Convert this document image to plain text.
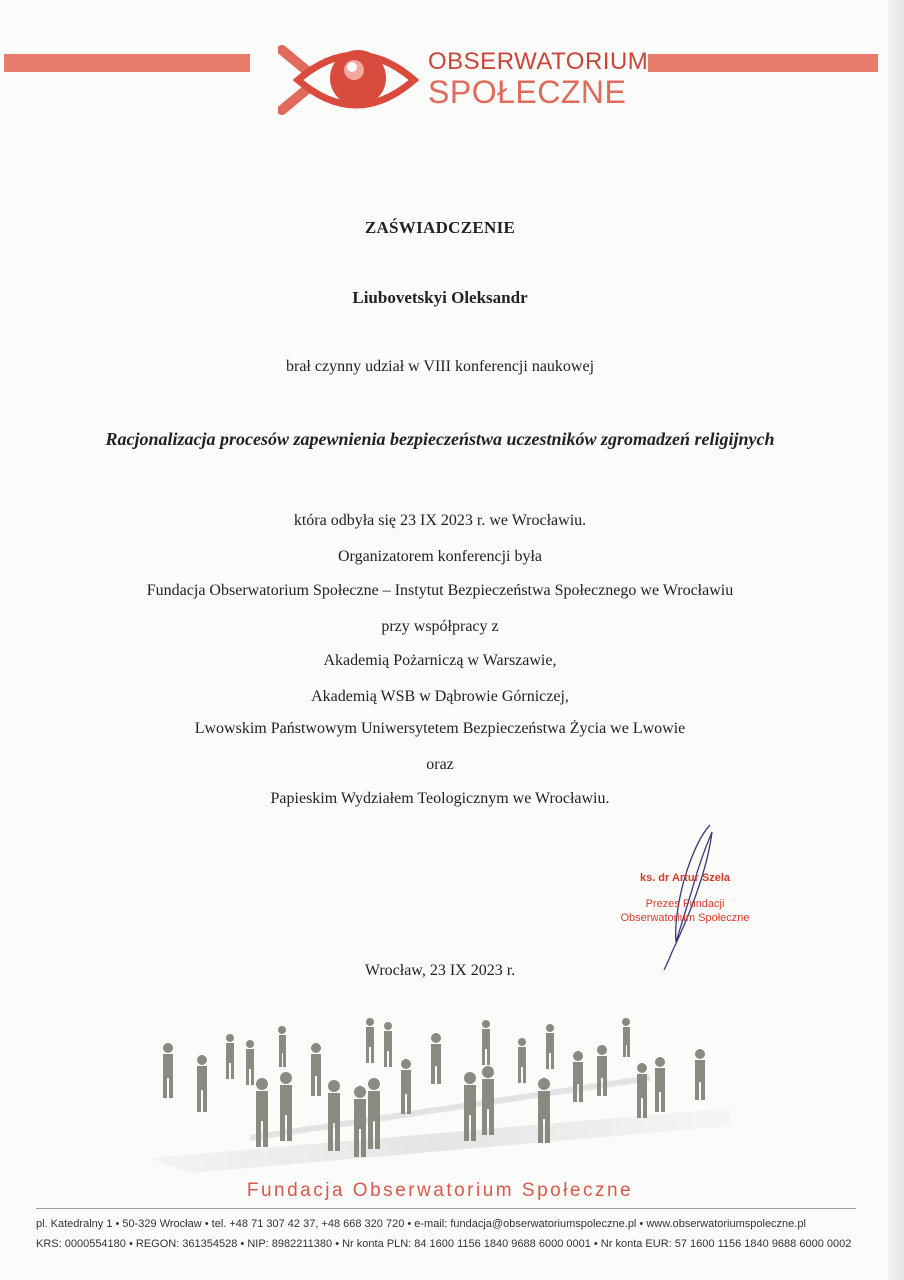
OBSERWATORIUM
SPOŁECZNE
ZAŚWIADCZENIE
Liubovetskyi Oleksandr
brał czynny udział w VIII konferencji naukowej
Racjonalizacja procesów zapewnienia bezpieczeństwa uczestników zgromadzeń religijnych
która odbyła się 23 IX 2023 r. we Wrocławiu.
Organizatorem konferencji była
Fundacja Obserwatorium Społeczne – Instytut Bezpieczeństwa Społecznego we Wrocławiu
przy współpracy z
Akademią Pożarniczą w Warszawie,
Akademią WSB w Dąbrowie Górniczej,
Lwowskim Państwowym Uniwersytetem Bezpieczeństwa Życia we Lwowie
oraz
Papieskim Wydziałem Teologicznym we Wrocławiu.
ks. dr Artur Szela
Prezes Fundacji
Obserwatorium Społeczne
Wrocław, 23 IX 2023 r.
Fundacja Obserwatorium Społeczne
pl. Katedralny 1 • 50-329 Wrocław • tel. +48 71 307 42 37, +48 668 320 720 • e-mail: fundacja@obserwatoriumspoleczne.pl • www.obserwatoriumspoleczne.pl
KRS: 0000554180 • REGON: 361354528 • NIP: 8982211380 • Nr konta PLN: 84 1600 1156 1840 9688 6000 0001 • Nr konta EUR: 57 1600 1156 1840 9688 6000 0002
